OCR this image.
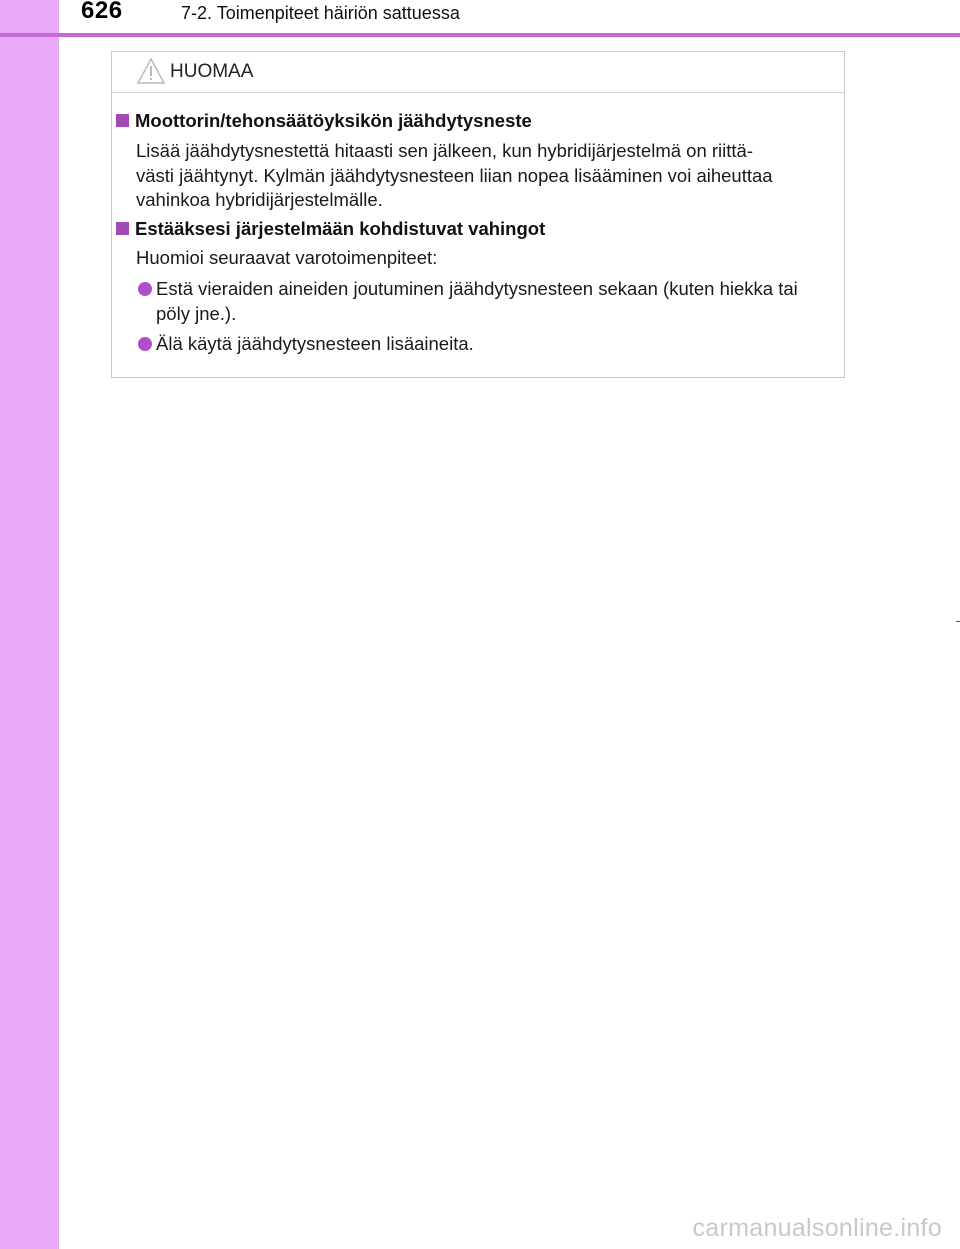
626	7-2. Toimenpiteet häiriön sattuessa
HUOMAA
Moottorin/tehonsäätöyksikön jäähdytysneste
Lisää jäähdytysnestettä hitaasti sen jälkeen, kun hybridijärjestelmä on riittä-
västi jäähtynyt. Kylmän jäähdytysnesteen liian nopea lisääminen voi aiheuttaa
vahinkoa hybridijärjestelmälle.
Estääksesi järjestelmään kohdistuvat vahingot
Huomioi seuraavat varotoimenpiteet:
Estä vieraiden aineiden joutuminen jäähdytysnesteen sekaan (kuten hiekka tai pöly jne.).
Älä käytä jäähdytysnesteen lisäaineita.
carmanualsonline.info
